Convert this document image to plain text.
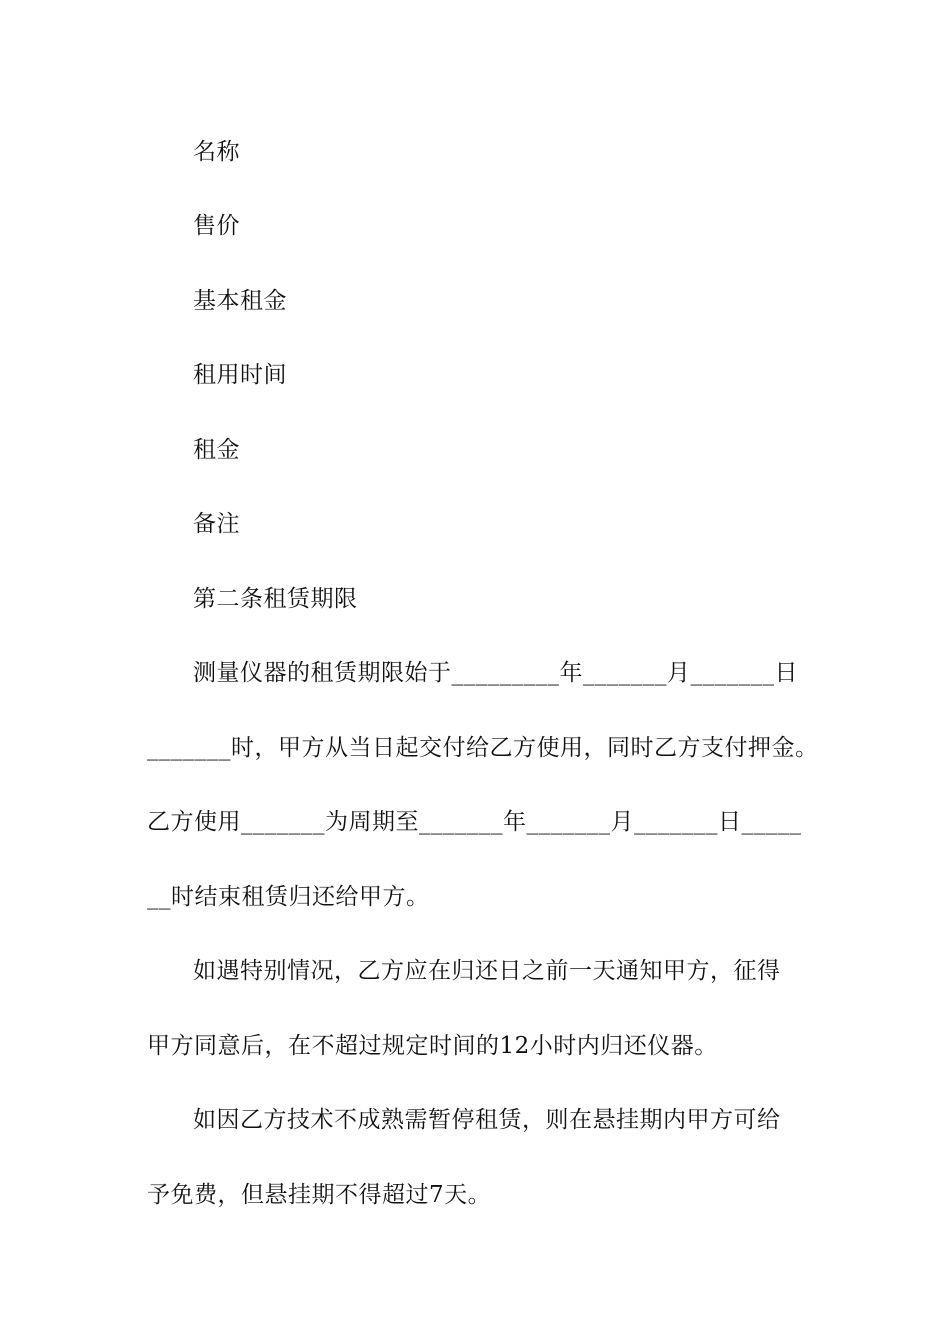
名称
售价
基本租金
租用时间
租金
备注
第二条租赁期限
测量仪器的租赁期限始于_________年_______月_______日
_______时，甲方从当日起交付给乙方使用，同时乙方支付押金。
乙方使用_______为周期至_______年_______月_______日_____
__时结束租赁归还给甲方。
如遇特别情况，乙方应在归还日之前一天通知甲方，征得
甲方同意后，在不超过规定时间的12小时内归还仪器。
如因乙方技术不成熟需暂停租赁，则在悬挂期内甲方可给
予免费，但悬挂期不得超过7天。
